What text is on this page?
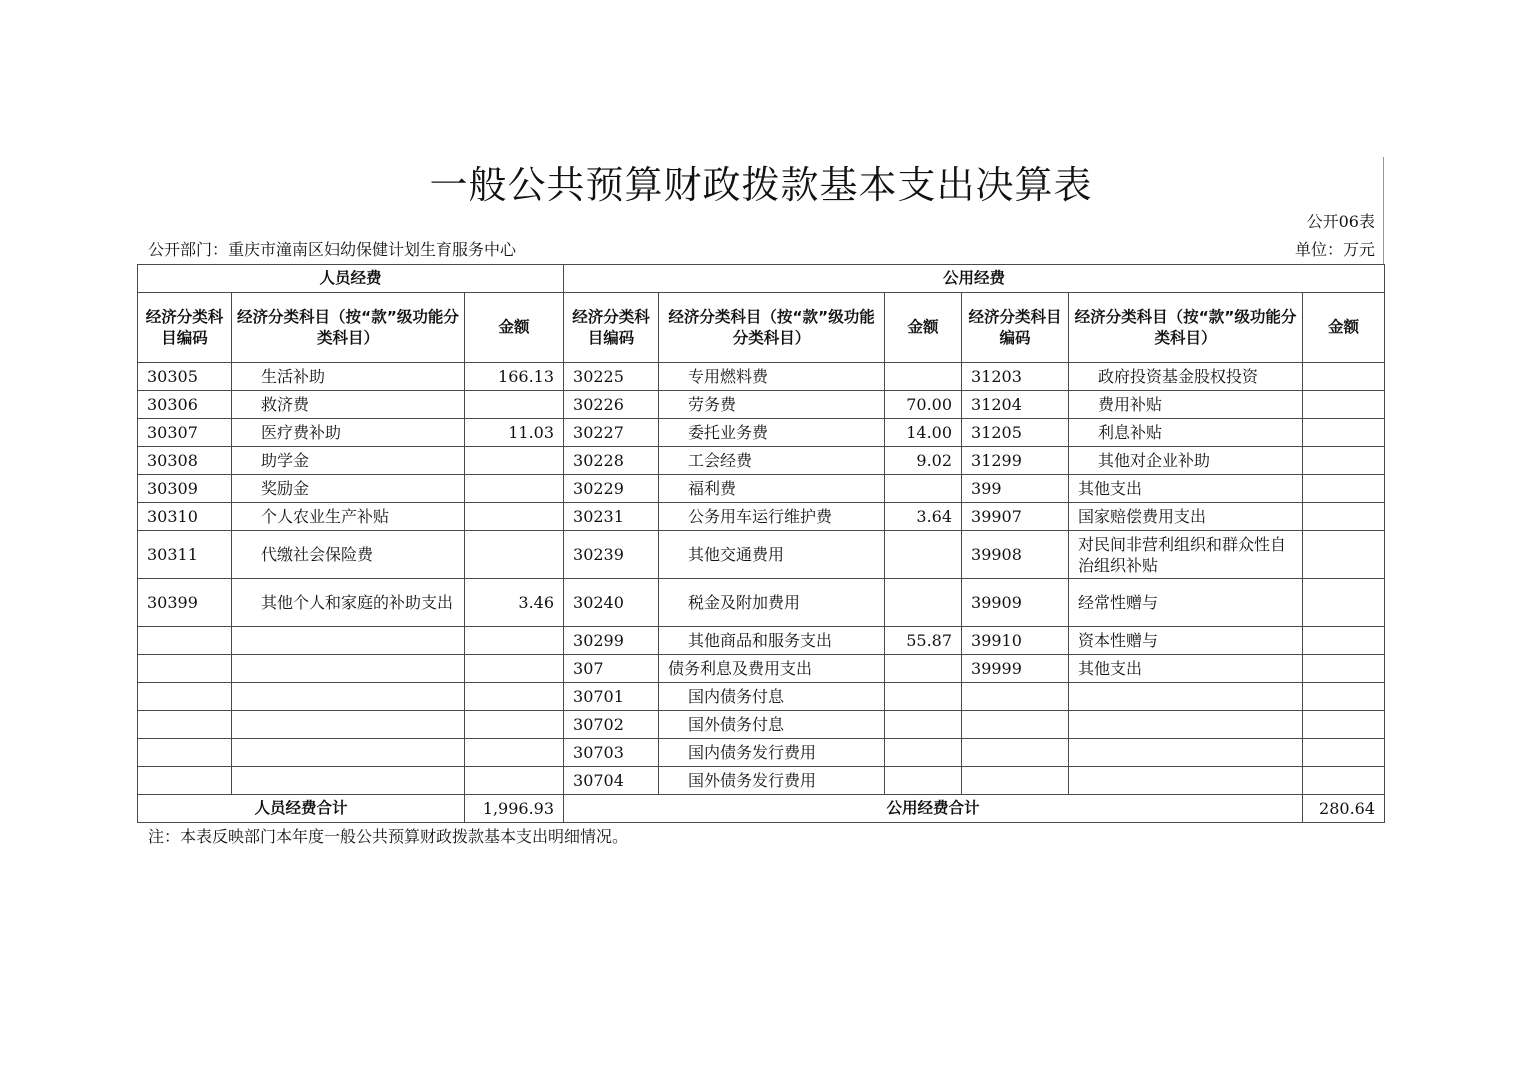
一般公共预算财政拨款基本支出决算表
公开06表
公开部门：重庆市潼南区妇幼保健计划生育服务中心	单位：万元
人员经费			公用经费					
经济分类科目编码	经济分类科目（按“款”级功能分类科目）	金额	经济分类科目编码	经济分类科目（按“款”级功能分类科目）	金额	经济分类科目编码	经济分类科目（按“款”级功能分类科目）	金额
30305	生活补助	166.13	30225	专用燃料费		31203	政府投资基金股权投资	
30306	救济费		30226	劳务费	70.00	31204	费用补贴	
30307	医疗费补助	11.03	30227	委托业务费	14.00	31205	利息补贴	
30308	助学金		30228	工会经费	9.02	31299	其他对企业补助	
30309	奖励金		30229	福利费		399	其他支出	
30310	个人农业生产补贴		30231	公务用车运行维护费	3.64	39907	国家赔偿费用支出	
30311	代缴社会保险费		30239	其他交通费用		39908	对民间非营利组织和群众性自治组织补贴	
30399	其他个人和家庭的补助支出	3.46	30240	税金及附加费用		39909	经常性赠与	
			30299	其他商品和服务支出	55.87	39910	资本性赠与	
			307	债务利息及费用支出		39999	其他支出	
			30701	国内债务付息				
			30702	国外债务付息				
			30703	国内债务发行费用				
			30704	国外债务发行费用				
人员经费合计		1,996.93	公用经费合计					280.64
注：本表反映部门本年度一般公共预算财政拨款基本支出明细情况。
